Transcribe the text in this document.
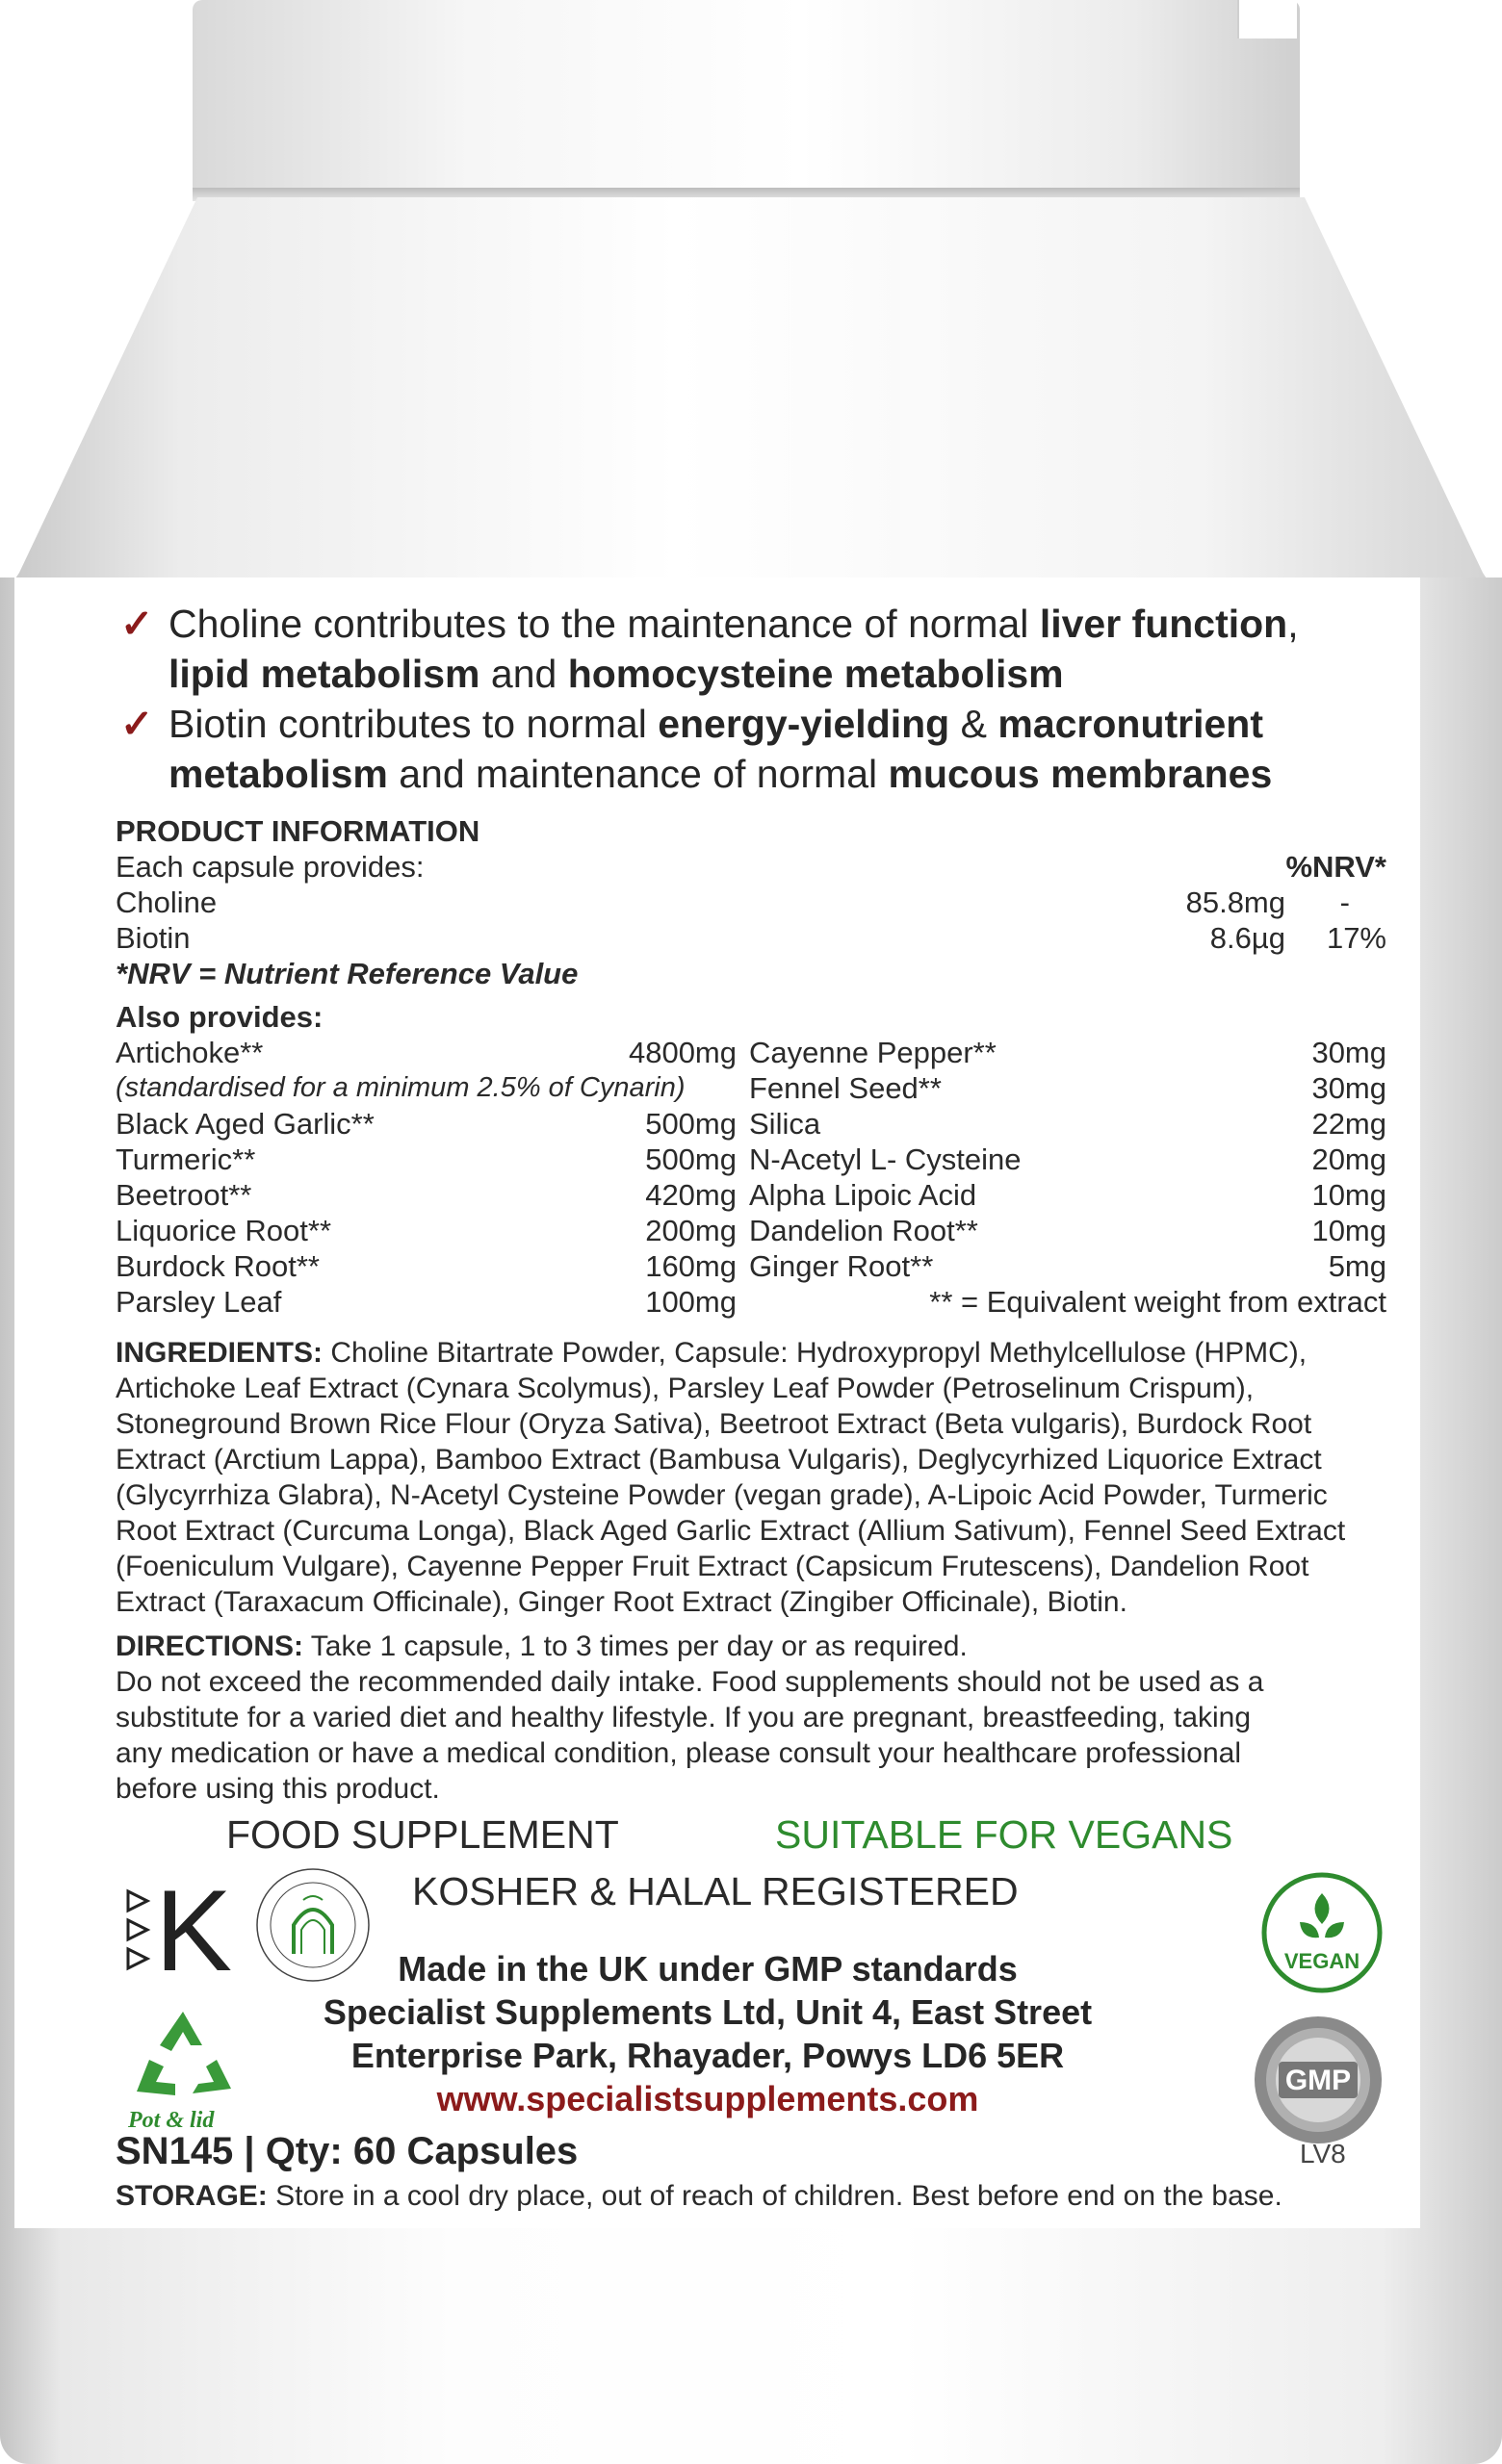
✓ Choline contributes to the maintenance of normal liver function,
lipid metabolism and homocysteine metabolism
✓ Biotin contributes to normal energy-yielding & macronutrient
metabolism and maintenance of normal mucous membranes
PRODUCT INFORMATION
Each capsule provides:	%NRV*
Choline	85.8mg -
Biotin	8.6µg 17%
*NRV = Nutrient Reference Value
Also provides:
Artichoke**	4800mg Cayenne Pepper**	30mg
(standardised for a minimum 2.5% of Cynarin) Fennel Seed**	30mg
Black Aged Garlic**	500mg Silica	22mg
Turmeric**	500mg N-Acetyl L- Cysteine	20mg
Beetroot**	420mg Alpha Lipoic Acid	10mg
Liquorice Root**	200mg Dandelion Root**	10mg
Burdock Root**	160mg Ginger Root**	5mg
Parsley Leaf	100mg	** = Equivalent weight from extract
INGREDIENTS: Choline Bitartrate Powder, Capsule: Hydroxypropyl Methylcellulose (HPMC),
Artichoke Leaf Extract (Cynara Scolymus), Parsley Leaf Powder (Petroselinum Crispum),
Stoneground Brown Rice Flour (Oryza Sativa), Beetroot Extract (Beta vulgaris), Burdock Root
Extract (Arctium Lappa), Bamboo Extract (Bambusa Vulgaris), Deglycyrhized Liquorice Extract
(Glycyrrhiza Glabra), N-Acetyl Cysteine Powder (vegan grade), A-Lipoic Acid Powder, Turmeric
Root Extract (Curcuma Longa), Black Aged Garlic Extract (Allium Sativum), Fennel Seed Extract
(Foeniculum Vulgare), Cayenne Pepper Fruit Extract (Capsicum Frutescens), Dandelion Root
Extract (Taraxacum Officinale), Ginger Root Extract (Zingiber Officinale), Biotin.
DIRECTIONS: Take 1 capsule, 1 to 3 times per day or as required.
Do not exceed the recommended daily intake. Food supplements should not be used as a
substitute for a varied diet and healthy lifestyle. If you are pregnant, breastfeeding, taking
any medication or have a medical condition, please consult your healthcare professional
before using this product.
FOOD SUPPLEMENT	SUITABLE FOR VEGANS
KOSHER & HALAL REGISTERED
K
Pot & lid
Made in the UK under GMP standards
Specialist Supplements Ltd, Unit 4, East Street
Enterprise Park, Rhayader, Powys LD6 5ER
www.specialistsupplements.com
VEGAN
GMP
SN145 | Qty: 60 Capsules	LV8
STORAGE: Store in a cool dry place, out of reach of children. Best before end on the base.
